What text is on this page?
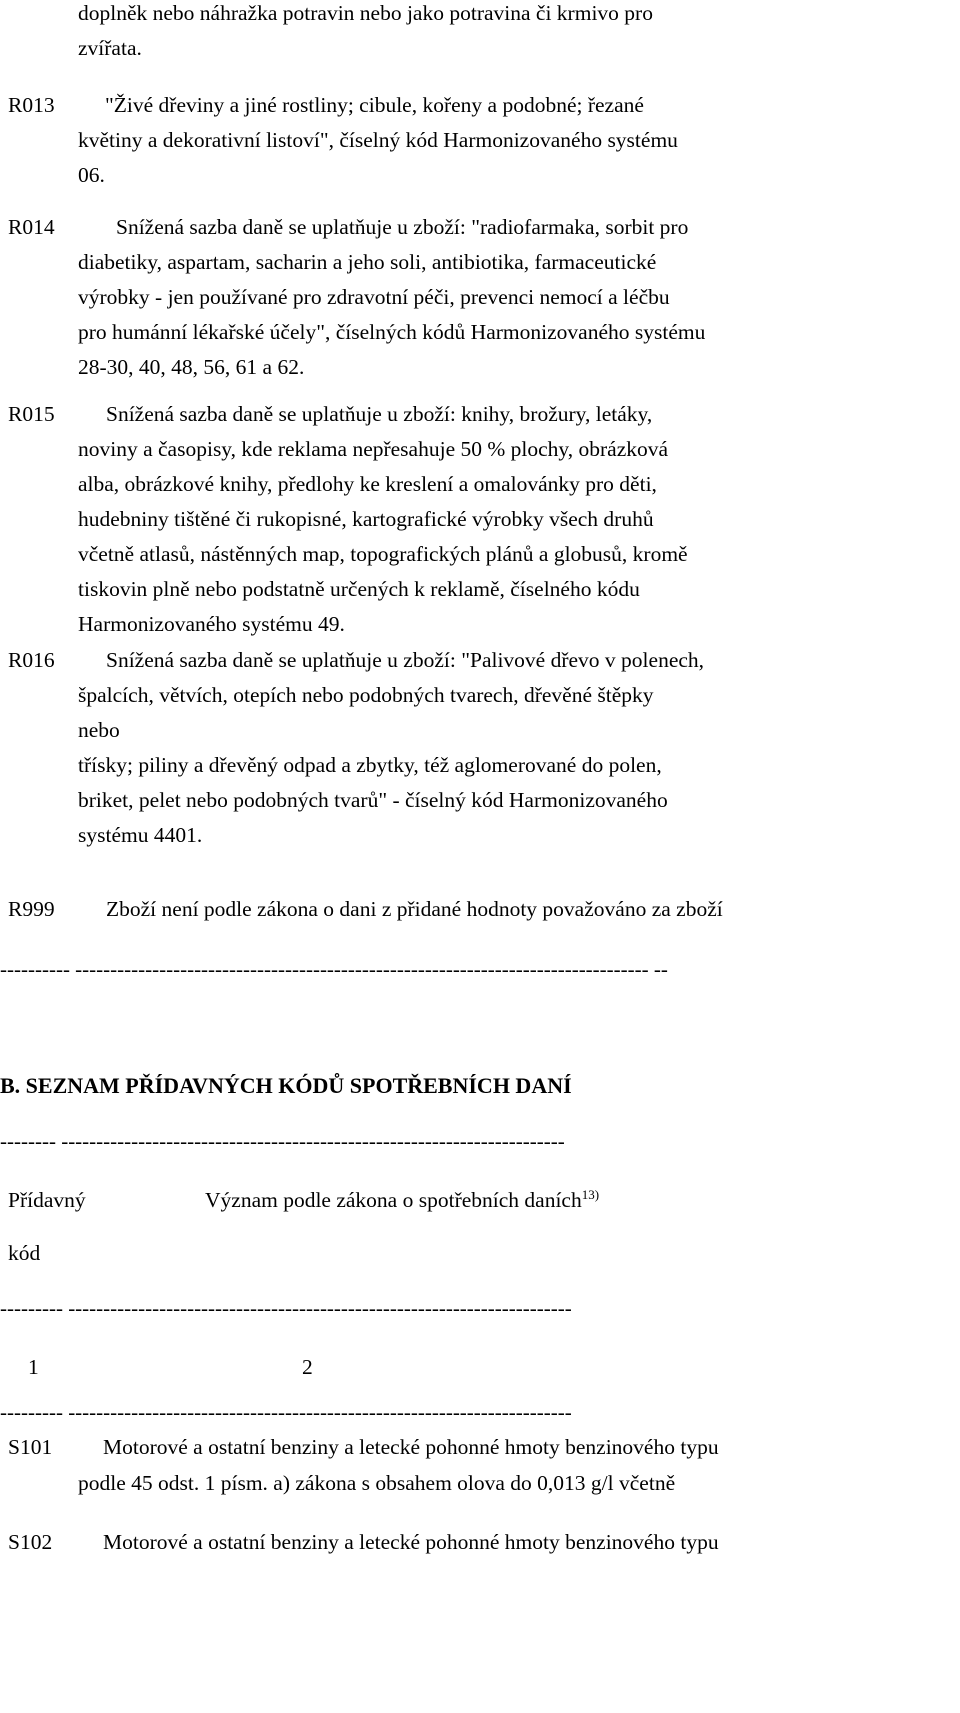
doplněk nebo náhražka potravin nebo jako potravina či krmivo pro
zvířata.
R013 "Živé dřeviny a jiné rostliny; cibule, kořeny a podobné; řezané
květiny a dekorativní listoví", číselný kód Harmonizovaného systému
06.
R014	Snížená sazba daně se uplatňuje u zboží: "radiofarmaka, sorbit pro
diabetiky, aspartam, sacharin a jeho soli, antibiotika, farmaceutické
výrobky - jen používané pro zdravotní péči, prevenci nemocí a léčbu
pro humánní lékařské účely", číselných kódů Harmonizovaného systému
28-30, 40, 48, 56, 61 a 62.
R015 Snížená sazba daně se uplatňuje u zboží: knihy, brožury, letáky,
noviny a časopisy, kde reklama nepřesahuje 50 % plochy, obrázková
alba, obrázkové knihy, předlohy ke kreslení a omalovánky pro děti,
hudebniny tištěné či rukopisné, kartografické výrobky všech druhů
včetně atlasů, nástěnných map, topografických plánů a globusů, kromě
tiskovin plně nebo podstatně určených k reklamě, číselného kódu
Harmonizovaného systému 49.
R016 Snížená sazba daně se uplatňuje u zboží: "Palivové dřevo v polenech,
špalcích, větvích, otepích nebo podobných tvarech, dřevěné štěpky
nebo
třísky; piliny a dřevěný odpad a zbytky, též aglomerované do polen,
briket, pelet nebo podobných tvarů" - číselný kód Harmonizovaného
systému 4401.
R999 Zboží není podle zákona o dani z přidané hodnoty považováno za zboží
---------- ---------------------------------------------------------------------------------- --
B. SEZNAM PŘÍDAVNÝCH KÓDŮ SPOTŘEBNÍCH DANÍ
-------- ------------------------------------------------------------------------
Přídavný	Význam podle zákona o spotřebních daních$^{13)}$
kód
--------- ------------------------------------------------------------------------
1	2
--------- ------------------------------------------------------------------------
S101 Motorové a ostatní benziny a letecké pohonné hmoty benzinového typu
podle 45 odst. 1 písm. a) zákona s obsahem olova do 0,013 g/l včetně
S102 Motorové a ostatní benziny a letecké pohonné hmoty benzinového typu
